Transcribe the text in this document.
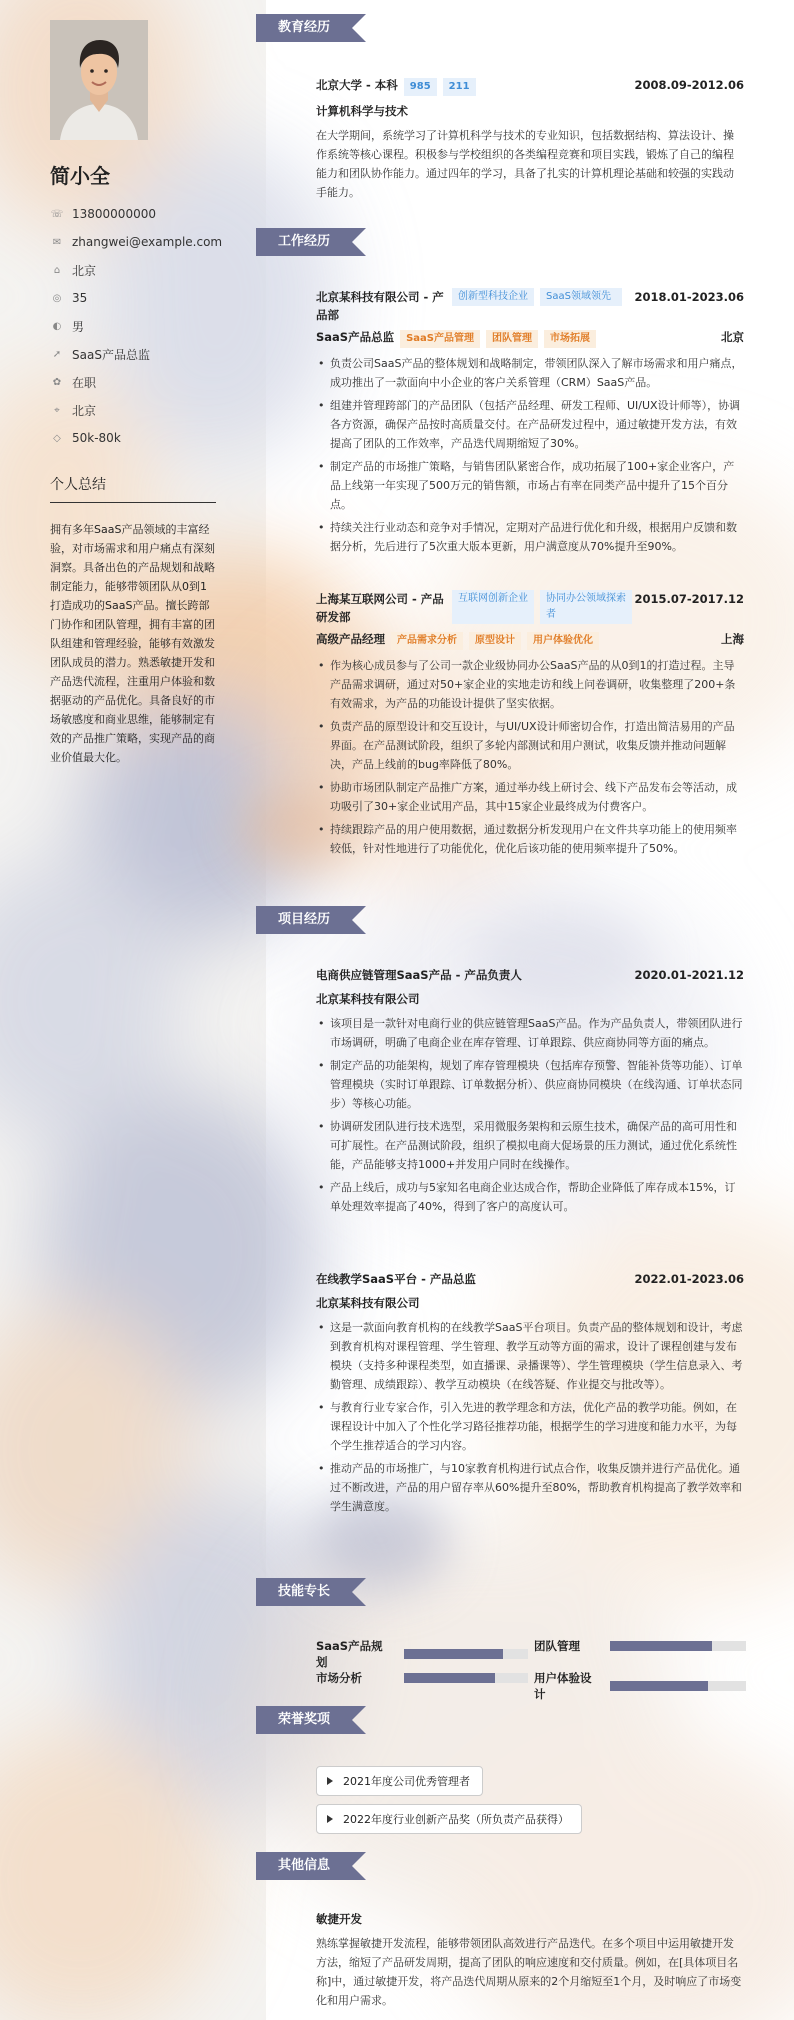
简小全
☏ 13800000000
✉ zhangwei@example.com
⌂ 北京
◎ 35
◐ 男
➚ SaaS产品总监
✿ 在职
⌖	北京
◇ 50k-80k
个人总结
拥有多年SaaS产品领域的丰富经验，对市场需求和用户痛点有深刻洞察。具备出色的产品规划和战略制定能力，能够带领团队从0到1打造成功的SaaS产品。擅长跨部门协作和团队管理，拥有丰富的团队组建和管理经验，能够有效激发团队成员的潜力。熟悉敏捷开发和产品迭代流程，注重用户体验和数据驱动的产品优化。具备良好的市场敏感度和商业思维，能够制定有效的产品推广策略，实现产品的商业价值最大化。
教育经历
北京大学 - 本科 985 211	2008.09-2012.06
计算机科学与技术
在大学期间，系统学习了计算机科学与技术的专业知识，包括数据结构、算法设计、操作系统等核心课程。积极参与学校组织的各类编程竞赛和项目实践，锻炼了自己的编程能力和团队协作能力。通过四年的学习，具备了扎实的计算机理论基础和较强的实践动手能力。
工作经历
北京某科技有限公司 - 产品部
创新型科技企业	SaaS领域领先	2018.01-2023.06
SaaS产品总监 SaaS产品管理 团队管理 市场拓展	北京
• 负责公司SaaS产品的整体规划和战略制定，带领团队深入了解市场需求和用户痛点，成功推出了一款面向中小企业的客户关系管理（CRM）SaaS产品。
• 组建并管理跨部门的产品团队（包括产品经理、研发工程师、UI/UX设计师等），协调各方资源，确保产品按时高质量交付。在产品研发过程中，通过敏捷开发方法，有效提高了团队的工作效率，产品迭代周期缩短了30%。
• 制定产品的市场推广策略，与销售团队紧密合作，成功拓展了100+家企业客户，产品上线第一年实现了500万元的销售额，市场占有率在同类产品中提升了15个百分点。
• 持续关注行业动态和竞争对手情况，定期对产品进行优化和升级，根据用户反馈和数据分析，先后进行了5次重大版本更新，用户满意度从70%提升至90%。
上海某互联网公司 - 产品研发部
互联网创新企业	协同办公领域探索者
2015.07-2017.12
高级产品经理 产品需求分析 原型设计 用户体验优化	上海
• 作为核心成员参与了公司一款企业级协同办公SaaS产品的从0到1的打造过程。主导产品需求调研，通过对50+家企业的实地走访和线上问卷调研，收集整理了200+条有效需求，为产品的功能设计提供了坚实依据。
• 负责产品的原型设计和交互设计，与UI/UX设计师密切合作，打造出简洁易用的产品界面。在产品测试阶段，组织了多轮内部测试和用户测试，收集反馈并推动问题解决，产品上线前的bug率降低了80%。
• 协助市场团队制定产品推广方案，通过举办线上研讨会、线下产品发布会等活动，成功吸引了30+家企业试用产品，其中15家企业最终成为付费客户。
• 持续跟踪产品的用户使用数据，通过数据分析发现用户在文件共享功能上的使用频率较低，针对性地进行了功能优化，优化后该功能的使用频率提升了50%。
项目经历
电商供应链管理SaaS产品 - 产品负责人	2020.01-2021.12
北京某科技有限公司
• 该项目是一款针对电商行业的供应链管理SaaS产品。作为产品负责人，带领团队进行市场调研，明确了电商企业在库存管理、订单跟踪、供应商协同等方面的痛点。
• 制定产品的功能架构，规划了库存管理模块（包括库存预警、智能补货等功能）、订单管理模块（实时订单跟踪、订单数据分析）、供应商协同模块（在线沟通、订单状态同步）等核心功能。
• 协调研发团队进行技术选型，采用微服务架构和云原生技术，确保产品的高可用性和可扩展性。在产品测试阶段，组织了模拟电商大促场景的压力测试，通过优化系统性能，产品能够支持1000+并发用户同时在线操作。
• 产品上线后，成功与5家知名电商企业达成合作，帮助企业降低了库存成本15%，订单处理效率提高了40%，得到了客户的高度认可。
在线教学SaaS平台 - 产品总监	2022.01-2023.06
北京某科技有限公司
• 这是一款面向教育机构的在线教学SaaS平台项目。负责产品的整体规划和设计，考虑到教育机构对课程管理、学生管理、教学互动等方面的需求，设计了课程创建与发布模块（支持多种课程类型，如直播课、录播课等）、学生管理模块（学生信息录入、考勤管理、成绩跟踪）、教学互动模块（在线答疑、作业提交与批改等）。
• 与教育行业专家合作，引入先进的教学理念和方法，优化产品的教学功能。例如，在课程设计中加入了个性化学习路径推荐功能，根据学生的学习进度和能力水平，为每个学生推荐适合的学习内容。
• 推动产品的市场推广，与10家教育机构进行试点合作，收集反馈并进行产品优化。通过不断改进，产品的用户留存率从60%提升至80%，帮助教育机构提高了教学效率和学生满意度。
技能专长
SaaS产品规划
团队管理
市场分析	用户体验设计
荣誉奖项
2021年度公司优秀管理者
2022年度行业创新产品奖（所负责产品获得）
其他信息
敏捷开发
熟练掌握敏捷开发流程，能够带领团队高效进行产品迭代。在多个项目中运用敏捷开发方法，缩短了产品研发周期，提高了团队的响应速度和交付质量。例如，在[具体项目名称]中，通过敏捷开发，将产品迭代周期从原来的2个月缩短至1个月，及时响应了市场变化和用户需求。
